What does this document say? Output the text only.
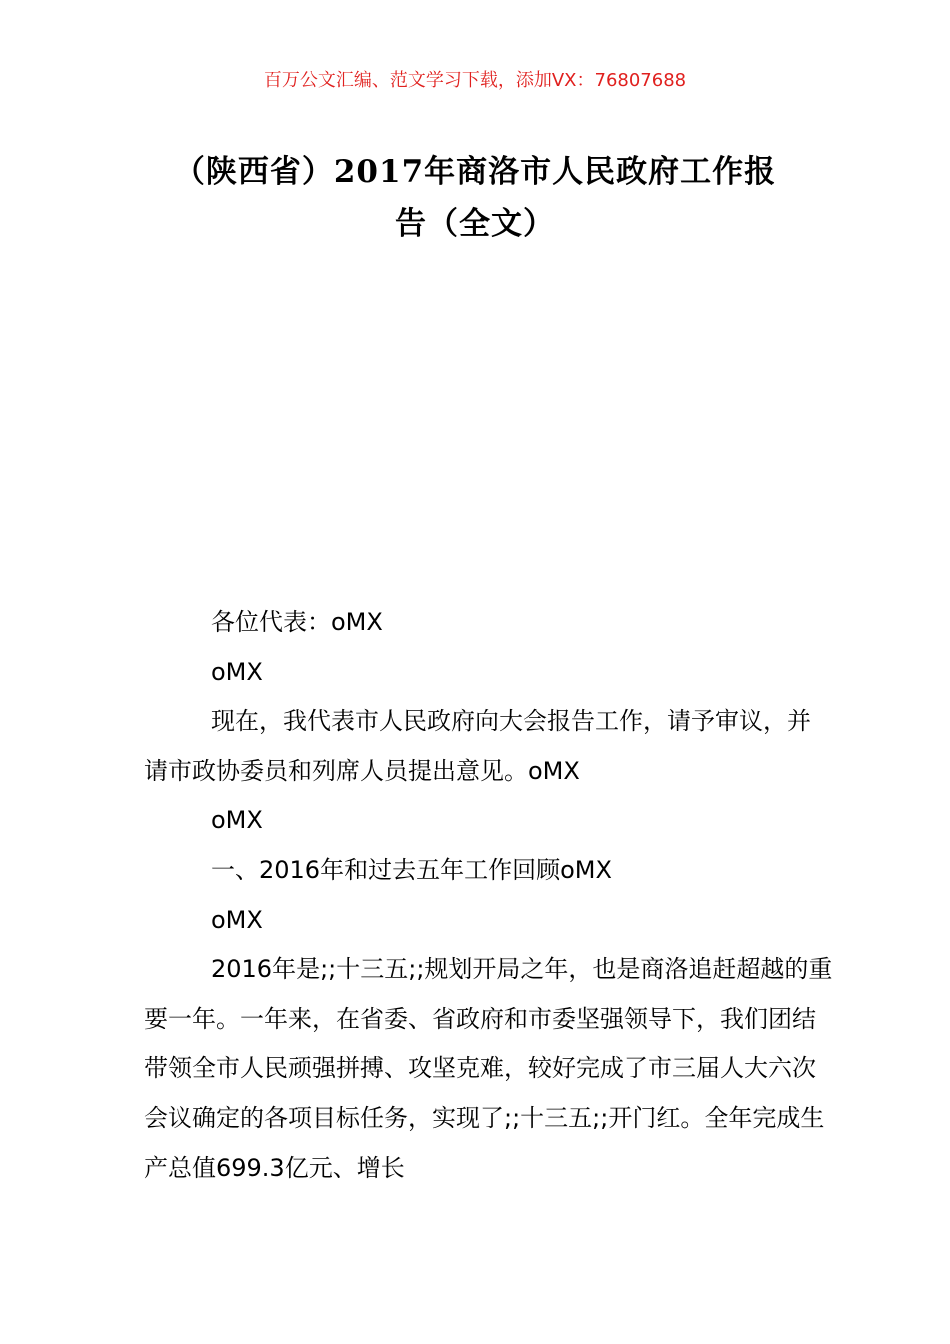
百万公文汇编、范文学习下载，添加VX：76807688
（陕西省）2017年商洛市人民政府工作报
告（全文）

各位代表：oMX

oMX

现在，我代表市人民政府向大会报告工作，请予审议，并请市政协委员和列席人员提出意见。oMX

oMX

一、2016年和过去五年工作回顾oMX

oMX

2016年是;;十三五;;规划开局之年，也是商洛追赶超越的重要一年。一年来，在省委、省政府和市委坚强领导下，我们团结带领全市人民顽强拼搏、攻坚克难，较好完成了市三届人大六次会议确定的各项目标任务，实现了;;十三五;;开门红。全年完成生产总值699.3亿元、增长
